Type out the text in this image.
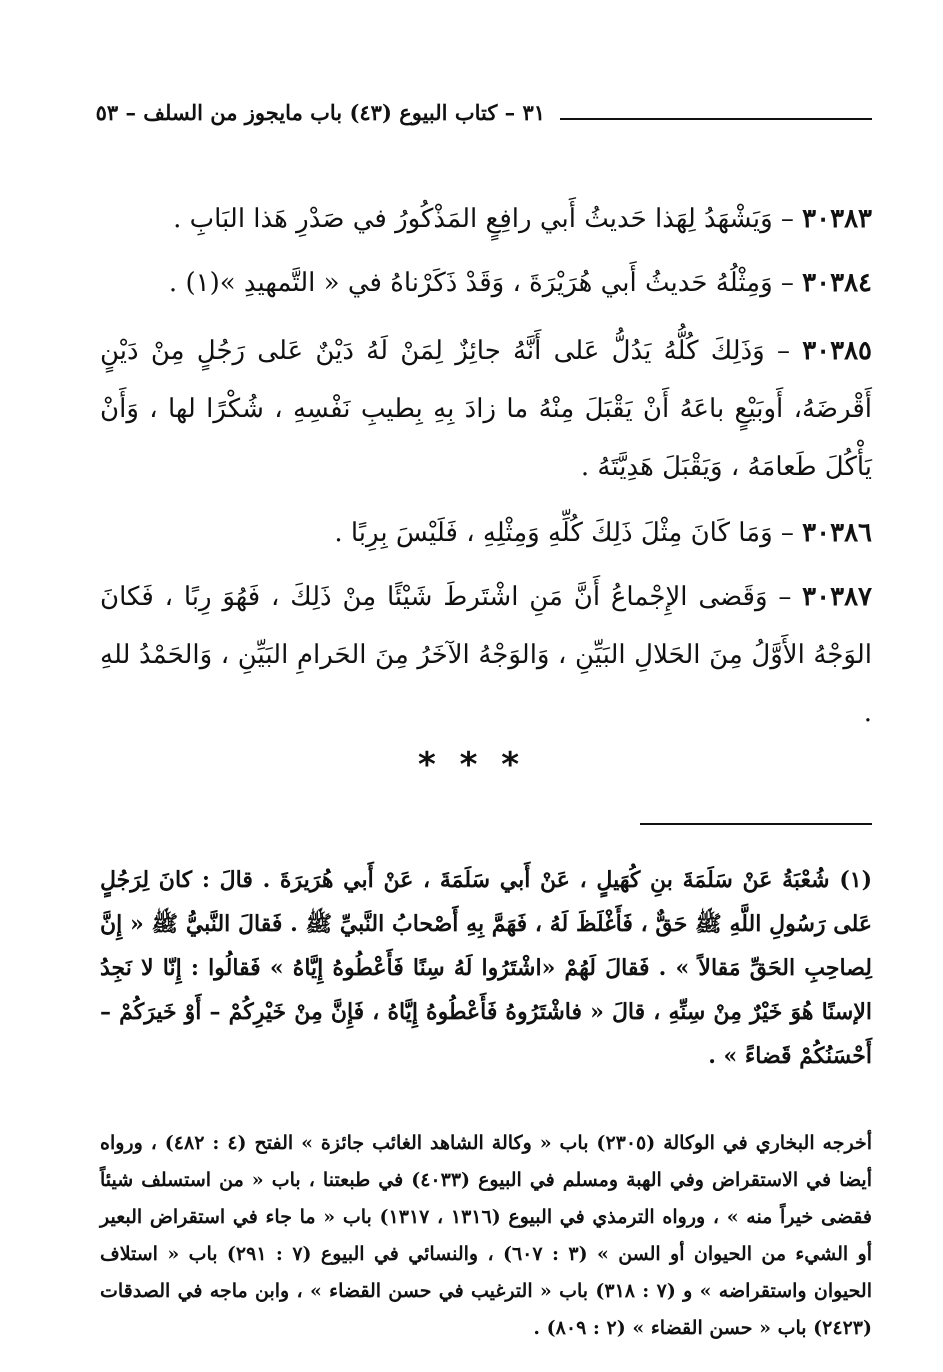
٣١ – كتاب البيوع (٤٣) باب مايجوز من السلف – ٥٣

٣٠٣٨٣ – وَيَشْهَدُ لِهَذا حَديثُ أَبي رافِعٍ المَذْكُورُ في صَدْرِ هَذا البَابِ .

٣٠٣٨٤ – وَمِثْلُهُ حَديثُ أَبي هُرَيْرَةَ ، وَقَدْ ذَكَرْناهُ في « التَّمهيدِ »(١) .

٣٠٣٨٥ – وَذَلِكَ كُلُّهُ يَدُلُّ عَلى أَنَّهُ جائِزٌ لِمَنْ لَهُ دَيْنٌ عَلى رَجُلٍ مِنْ دَيْنٍ أَقْرضَهُ، أَوبَيْعٍ باعَهُ أَنْ يَقْبَلَ مِنْهُ ما زادَ بِهِ بِطيبِ نَفْسِهِ ، شُكْرًا لها ، وَأَنْ يَأْكُلَ طَعامَهُ ، وَيَقْبَلَ هَدِيَّتَهُ .

٣٠٣٨٦ – وَمَا كَانَ مِثْلَ ذَلِكَ كُلِّهِ وَمِثْلِهِ ، فَلَيْسَ بِرِبًا .

٣٠٣٨٧ – وَقَضى الإِجْماعُ أَنَّ مَنِ اشْتَرطَ شَيْئًا مِنْ ذَلِكَ ، فَهُوَ رِبًا ، فَكانَ الوَجْهُ الأَوَّلُ مِنَ الحَلالِ البَيِّنِ ، وَالوَجْهُ الآخَرُ مِنَ الحَرامِ البَيِّنِ ، وَالحَمْدُ للهِ .

* * *
(١) شُعْبَةُ عَنْ سَلَمَةَ بنِ كُهَيلٍ ، عَنْ أَبي سَلَمَةَ ، عَنْ أَبي هُرَيرَةَ . قالَ : كانَ لِرَجُلٍ عَلى رَسُولِ اللَّهِ ﷺ حَقٌّ ، فَأَغْلَظَ لَهُ ، فَهَمَّ بِهِ أَصْحابُ النَّبيِّ ﷺ . فَقالَ النَّبيُّ ﷺ « إِنَّ لِصاحِبِ الحَقِّ مَقالاً » . فَقالَ لَهُمْ «اشْتَرُوا لَهُ سِنًا فَأَعْطُوهُ إِيَّاهُ » فَقالُوا : إِنّا لا نَجِدُ الإسنًا هُوَ خَيْرٌ مِنْ سِنِّهِ ، قالَ « فاشْتَرُوهُ فَأَعْطُوهُ إِيَّاهُ ، فَإِنَّ مِنْ خَيْرِكُمْ – أَوْ خَيرَكُمْ – أَحْسَنُكُمْ قَضاءً » .
أخرجه البخاري في الوكالة (٢٣٠٥) باب « وكالة الشاهد الغائب جائزة » الفتح (٤ : ٤٨٢) ، ورواه أيضا في الاستقراض وفي الهبة ومسلم في البيوع (٤٠٣٣) في طبعتنا ، باب « من استسلف شيئاً فقضى خيراً منه » ، ورواه الترمذي في البيوع (١٣١٦ ، ١٣١٧) باب « ما جاء في استقراض البعير أو الشيء من الحيوان أو السن » (٣ : ٦٠٧) ، والنسائي في البيوع (٧ : ٢٩١) باب « استلاف الحيوان واستقراضه » و (٧ : ٣١٨) باب « الترغيب في حسن القضاء » ، وابن ماجه في الصدقات (٢٤٢٣) باب « حسن القضاء » (٢ : ٨٠٩) .
